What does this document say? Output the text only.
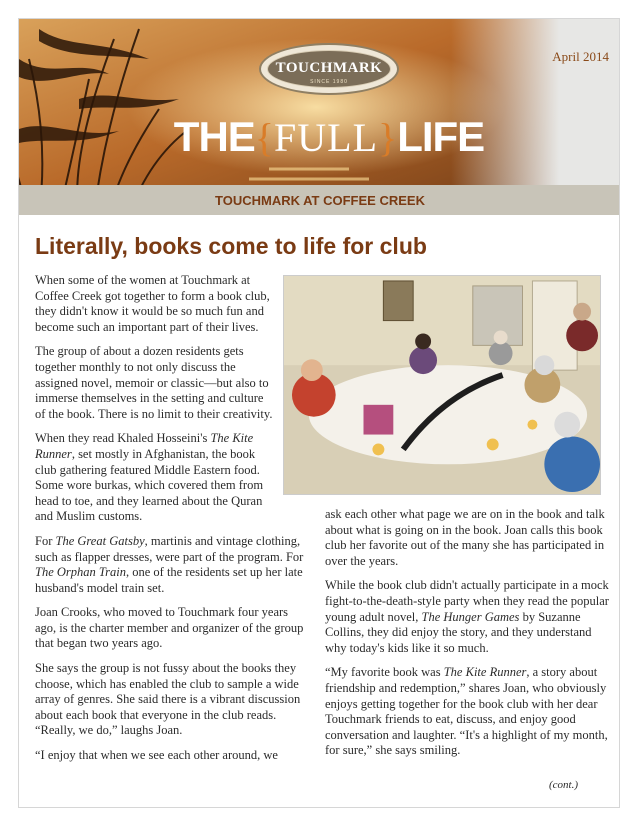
April 2014
TOUCHMARK
SINCE 1980
THE{FULL}LIFE
TOUCHMARK AT COFFEE CREEK
Literally, books come to life for club

When some of the women at Touchmark at Coffee Creek got together to form a book club, they didn't know it would be so much fun and become such an important part of their lives.

The group of about a dozen residents gets together monthly to not only discuss the assigned novel, memoir or classic—but also to immerse themselves in the setting and culture of the book. There is no limit to their creativity.

When they read Khaled Hosseini's The Kite Runner, set mostly in Afghanistan, the book club gathering featured Middle Eastern food. Some wore burkas, which covered them from head to toe, and they learned about the Quran and Muslim customs.

For The Great Gatsby, martinis and vintage clothing, such as flapper dresses, were part of the program. For The Orphan Train, one of the residents set up her late husband's model train set.

Joan Crooks, who moved to Touchmark four years ago, is the charter member and organizer of the group that began two years ago.

She says the group is not fussy about the books they choose, which has enabled the club to sample a wide array of genres. She said there is a vibrant discussion about each book that everyone in the club reads. “Really, we do,” laughs Joan.

“I enjoy that when we see each other around, we

ask each other what page we are on in the book and talk about what is going on in the book. Joan calls this book club her favorite out of the many she has participated in over the years.

While the book club didn't actually participate in a mock fight-to-the-death-style party when they read the popular young adult novel, The Hunger Games by Suzanne Collins, they did enjoy the story, and they understand why today's kids like it so much.

“My favorite book was The Kite Runner, a story about friendship and redemption,” shares Joan, who obviously enjoys getting together for the book club with her dear Touchmark friends to eat, discuss, and enjoy good conversation and laughter. “It's a highlight of my month, for sure,” she says smiling.

(cont.)
